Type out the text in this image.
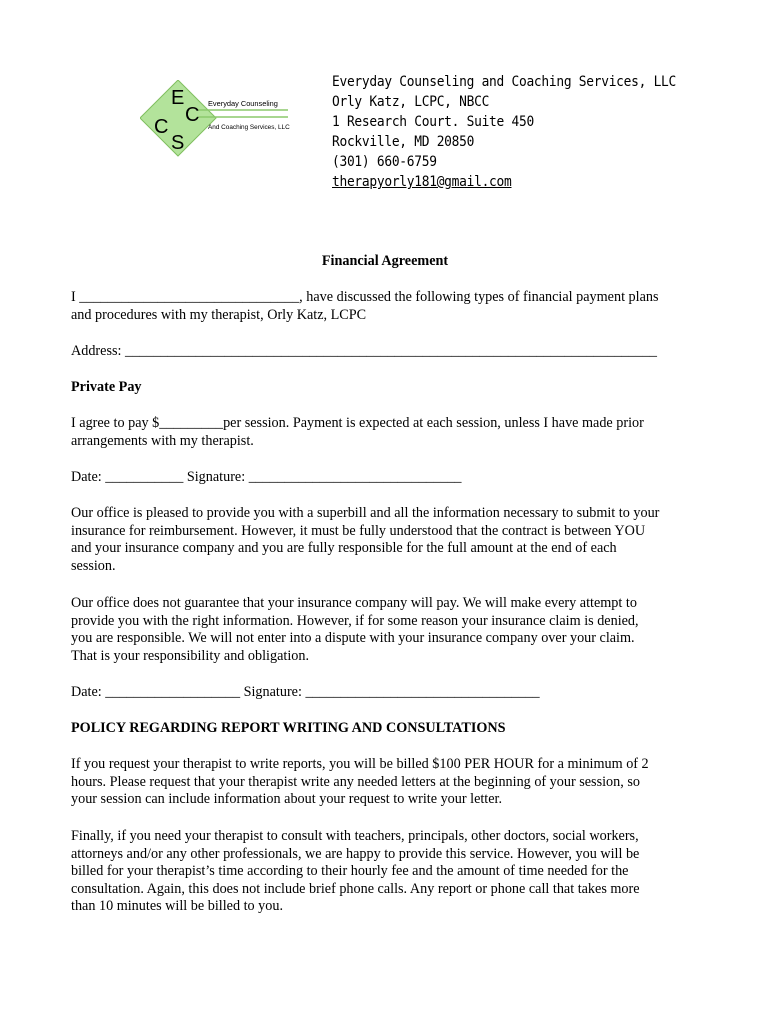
E
C
C
S
Everyday Counseling
And Coaching Services, LLC
Everyday Counseling and Coaching Services, LLC
Orly Katz, LCPC, NBCC
1 Research Court. Suite 450
Rockville, MD 20850
(301) 660-6759
therapyorly181@gmail.com
Financial Agreement
I _______________________________, have discussed the following types of financial payment plans
and procedures with my therapist, Orly Katz, LCPC
Address: ___________________________________________________________________________
Private Pay
I agree to pay $_________per session. Payment is expected at each session, unless I have made prior
arrangements with my therapist.
Date: ___________ Signature: ______________________________
Our office is pleased to provide you with a superbill and all the information necessary to submit to your
insurance for reimbursement. However, it must be fully understood that the contract is between YOU
and your insurance company and you are fully responsible for the full amount at the end of each
session.
Our office does not guarantee that your insurance company will pay. We will make every attempt to
provide you with the right information. However, if for some reason your insurance claim is denied,
you are responsible. We will not enter into a dispute with your insurance company over your claim.
That is your responsibility and obligation.
Date: ___________________ Signature: _________________________________
POLICY REGARDING REPORT WRITING AND CONSULTATIONS
If you request your therapist to write reports, you will be billed $100 PER HOUR for a minimum of 2
hours. Please request that your therapist write any needed letters at the beginning of your session, so
your session can include information about your request to write your letter.
Finally, if you need your therapist to consult with teachers, principals, other doctors, social workers,
attorneys and/or any other professionals, we are happy to provide this service. However, you will be
billed for your therapist’s time according to their hourly fee and the amount of time needed for the
consultation. Again, this does not include brief phone calls. Any report or phone call that takes more
than 10 minutes will be billed to you.
